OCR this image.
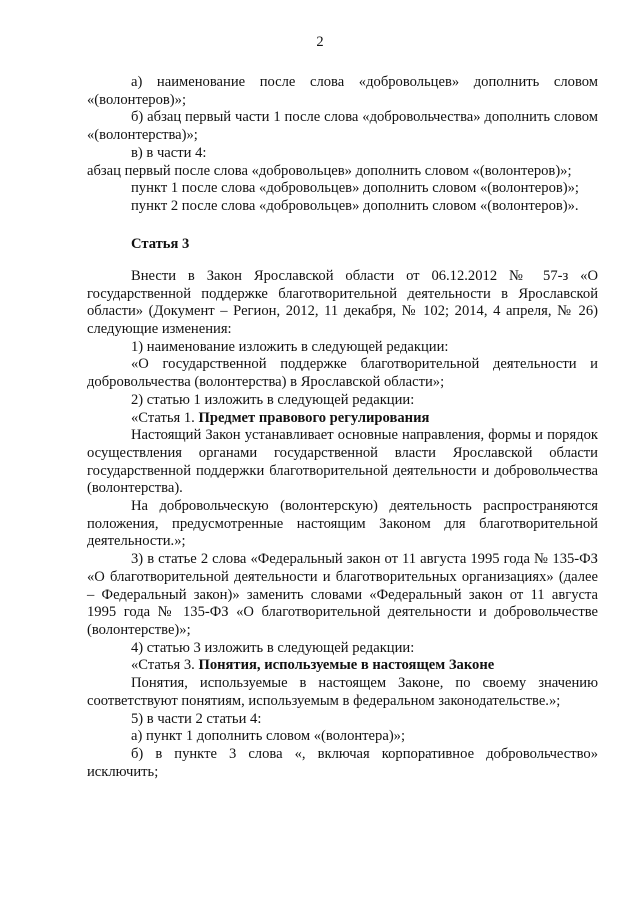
2

а) наименование после слова «добровольцев» дополнить словом «(волонтеров)»;

б) абзац первый части 1 после слова «добровольчества» дополнить словом «(волонтерства)»;

в) в части 4:

абзац первый после слова «добровольцев» дополнить словом «(волонтеров)»;

пункт 1 после слова «добровольцев» дополнить словом «(волонтеров)»;

пункт 2 после слова «добровольцев» дополнить словом «(волонтеров)».

Статья 3

Внести в Закон Ярославской области от 06.12.2012 № 57-з «О государственной поддержке благотворительной деятельности в Ярославской области» (Документ – Регион, 2012, 11 декабря, № 102; 2014, 4 апреля, № 26) следующие изменения:

1) наименование изложить в следующей редакции:

«О государственной поддержке благотворительной деятельности и добровольчества (волонтерства) в Ярославской области»;

2) статью 1 изложить в следующей редакции:

«Статья 1. Предмет правового регулирования

Настоящий Закон устанавливает основные направления, формы и порядок осуществления органами государственной власти Ярославской области государственной поддержки благотворительной деятельности и добровольчества (волонтерства).

На добровольческую (волонтерскую) деятельность распространяются положения, предусмотренные настоящим Законом для благотворительной деятельности.»;

3) в статье 2 слова «Федеральный закон от 11 августа 1995 года № 135-ФЗ «О благотворительной деятельности и благотворительных организациях» (далее – Федеральный закон)» заменить словами «Федеральный закон от 11 августа 1995 года № 135-ФЗ «О благотворительной деятельности и добровольчестве (волонтерстве)»;

4) статью 3 изложить в следующей редакции:

«Статья 3. Понятия, используемые в настоящем Законе

Понятия, используемые в настоящем Законе, по своему значению соответствуют понятиям, используемым в федеральном законодательстве.»;

5) в части 2 статьи 4:

а) пункт 1 дополнить словом «(волонтера)»;

б) в пункте 3 слова «, включая корпоративное добровольчество» исключить;
